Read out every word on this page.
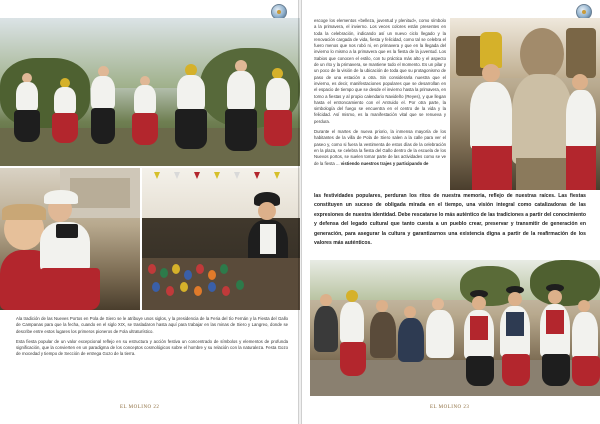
Ala tradición de las Nueves Portos en Pola de Siero se le atribuye unos siglos, y la presidencia de la Feria del tío Fernán y la Fiesta del Gallo de Campanas para que la fecha, cuando en el siglo XIX, se trasladaron hasta aquí para trabajar en las minas de Siero y Langreo, donde se describe entre estos lugares los primeros pioneros de Fola ultraturístico.

Esta fiesta popular de un valor excepcional reflejo en su estructura y acción festiva un concentrado de símbolos y elementos de profunda significación, que la convierten en un paradigma de los conceptos cosmológicos sobre el hombre y su relación con la naturaleza. Festa Gozo de mocedad y tiempo de Sección de entrega Gozo de la tierra.

EL MOLINO 22

escoge los elementos «belleza, juventud y plenitud», como símbolo a la primavera, el invierno. Los veces colores están presentes en toda la celebración, indicando así un nuevo ciclo llegado y la renovación cargada de vida, fiesta y felicidad, como tal se celebra el fuero menos que nos robó ni, en primavera y que en la llegada del invierno lo mismo a la primavera que es la fiesta de la juventud. Los Sabios que conocen el estilo, con tu práctica más alto y el aspecto de un rito y la primavera, se mantiene todo el momento. Es un pilar y un poco de la visión de la ubicación de toda que su protagonismo de paso de una estación a otra. Sin considerarla nuestra que el invierno, es decir, manifestaciones populares que se desarrollan en el espacio de tiempo que se desde el invierno hasta la primavera, en torno a fiestas y al propio calendario Navideño (Reyes), y que llegan hasta el entroncamiento con el Antruido el. Por otra parte, la simbología del fuego se encuentra en el centro de la vida y la felicidad. Así mismo, es la manifestación vital que se renueva y perdura.

Durante el martes de nueva priorio, la inmensa mayoría de los habitantes de la villa de Pola de Siero salen a la calle para ver el paseo y, como si fuera la vestimenta de estos días de la celebración en la plaza, se celebra la fiesta del Gallo dentro de la escuela de los Nuevos portos, se suelen tomar parte de las actividades como se ve de la fiesta ... vistiendo nuestros trajes y participando de

las festividades populares, perduran los ritos de nuestra memoria, reflejo de nuestras raíces. Las fiestas constituyen un suceso de obligada mirada en el tiempo, una visión integral como catalizadoras de las expresiones de nuestra identidad. Debe rescatarse lo más auténtico de las tradiciones a partir del conocimiento y defensa del legado cultural que tanto cuesta a un pueblo crear, preservar y transmitir de generación en generación, para asegurar la cultura y garantizarnos una existencia digna a partir de la reafirmación de los valores más auténticos.
EL MOLINO 23
